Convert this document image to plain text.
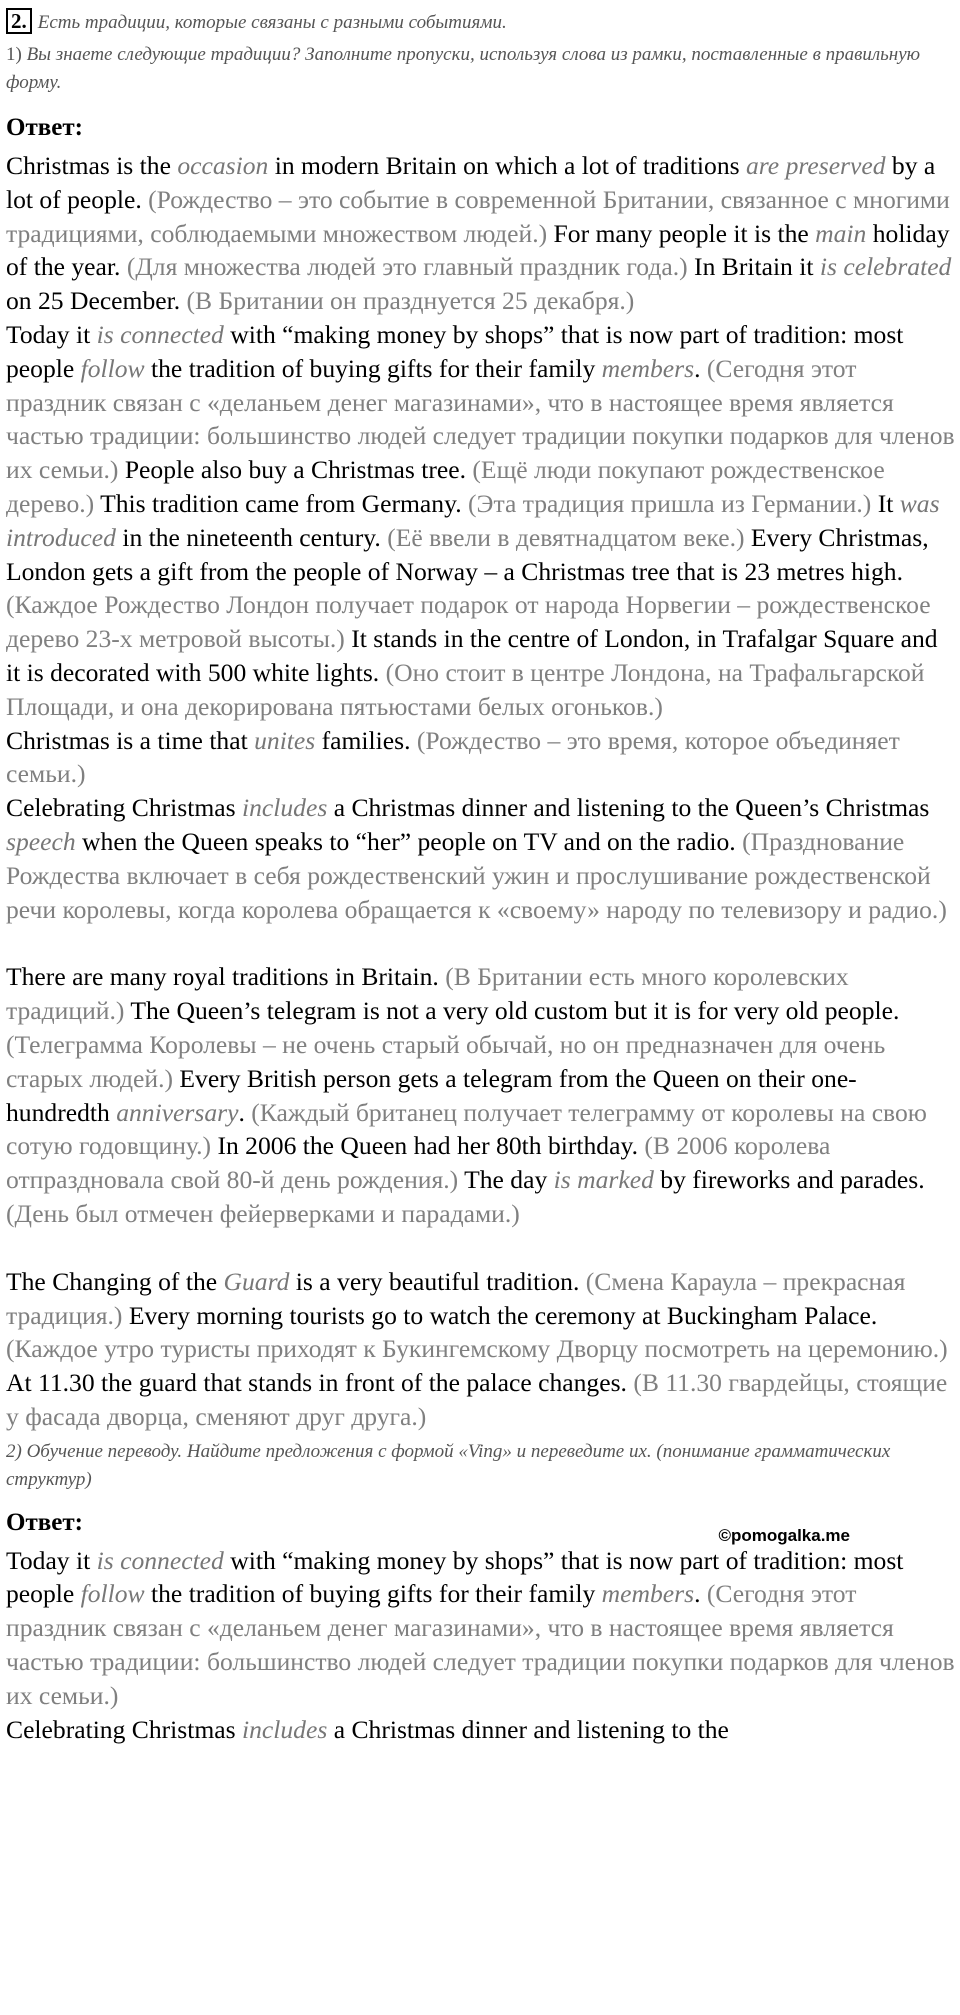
2. Есть традиции, которые связаны с разными событиями.
1) Вы знаете следующие традиции? Заполните пропуски, используя слова из рамки, поставленные в правильную форму.
Ответ:

Christmas is the occasion in modern Britain on which a lot of traditions are preserved by a lot of people. (Рождество – это событие в современной Британии, связанное с многими традициями, соблюдаемыми множеством людей.) For many people it is the main holiday of the year. (Для множества людей это главный праздник года.) In Britain it is celebrated on 25 December. (В Британии он празднуется 25 декабря.)

Today it is connected with “making money by shops” that is now part of tradition: most people follow the tradition of buying gifts for their family members. (Сегодня этот праздник связан с «деланьем денег магазинами», что в настоящее время является частью традиции: большинство людей следует традиции покупки подарков для членов их семьи.) People also buy a Christmas tree. (Ещё люди покупают рождественское дерево.) This tradition came from Germany. (Эта традиция пришла из Германии.) It was introduced in the nineteenth century. (Её ввели в девятнадцатом веке.) Every Christmas, London gets a gift from the people of Norway – a Christmas tree that is 23 metres high. (Каждое Рождество Лондон получает подарок от народа Норвегии – рождественское дерево 23-х метровой высоты.) It stands in the centre of London, in Trafalgar Square and it is decorated with 500 white lights. (Оно стоит в центре Лондона, на Трафальгарской Площади, и она декорирована пятьюстами белых огоньков.)

Christmas is a time that unites families. (Рождество – это время, которое объединяет семьи.)

Celebrating Christmas includes a Christmas dinner and listening to the Queen’s Christmas speech when the Queen speaks to “her” people on TV and on the radio. (Празднование Рождества включает в себя рождественский ужин и прослушивание рождественской речи королевы, когда королева обращается к «своему» народу по телевизору и радио.)

There are many royal traditions in Britain. (В Британии есть много королевских традиций.) The Queen’s telegram is not a very old custom but it is for very old people. (Телеграмма Королевы – не очень старый обычай, но он предназначен для очень старых людей.) Every British person gets a telegram from the Queen on their one-hundredth anniversary. (Каждый британец получает телеграмму от королевы на свою сотую годовщину.) In 2006 the Queen had her 80th birthday. (В 2006 королева отпраздновала свой 80-й день рождения.) The day is marked by fireworks and parades. (День был отмечен фейерверками и парадами.)

The Changing of the Guard is a very beautiful tradition. (Смена Караула – прекрасная традиция.) Every morning tourists go to watch the ceremony at Buckingham Palace. (Каждое утро туристы приходят к Букингемскому Дворцу посмотреть на церемонию.) At 11.30 the guard that stands in front of the palace changes. (В 11.30 гвардейцы, стоящие у фасада дворца, сменяют друг друга.)

2) Обучение переводу. Найдите предложения с формой «Ving» и переведите их. (понимание грамматических структур)
Ответ:	©pomogalka.me

Today it is connected with “making money by shops” that is now part of tradition: most people follow the tradition of buying gifts for their family members. (Сегодня этот праздник связан с «деланьем денег магазинами», что в настоящее время является частью традиции: большинство людей следует традиции покупки подарков для членов их семьи.)

Celebrating Christmas includes a Christmas dinner and listening to the
